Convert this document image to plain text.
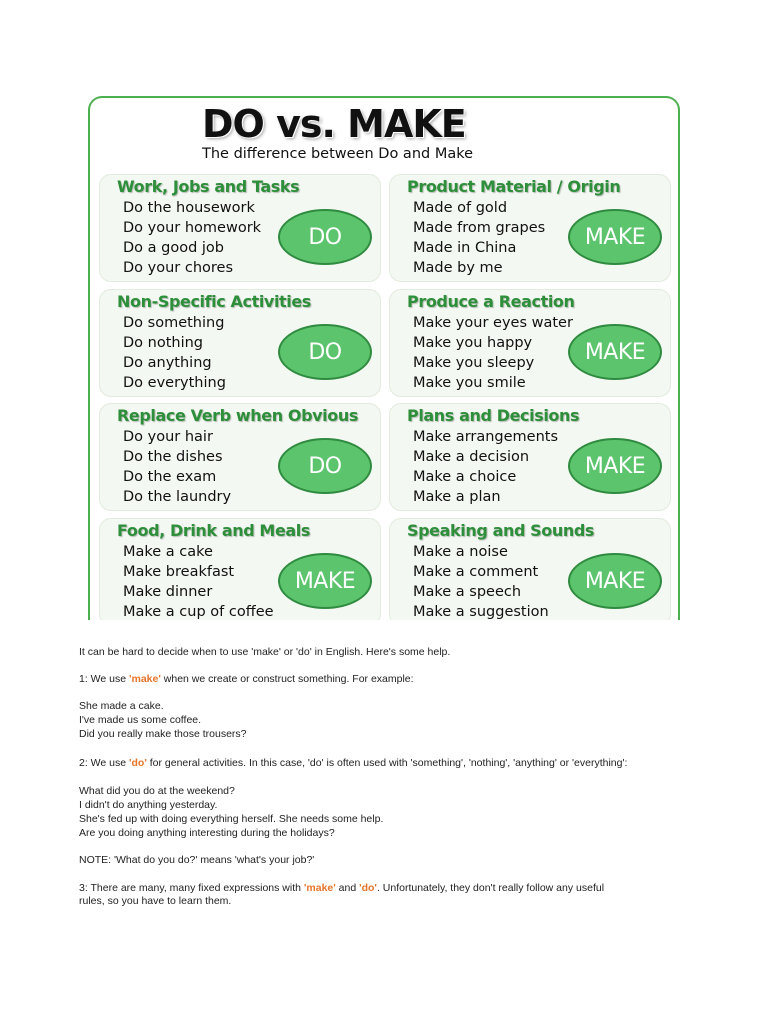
DO vs. MAKE
The difference between Do and Make
Work, Jobs and Tasks
Do the housework
Do your homework
Do a good job
Do your chores
DO
Product Material / Origin
Made of gold
Made from grapes
Made in China
Made by me
MAKE
Non-Specific Activities
Do something
Do nothing
Do anything
Do everything
DO
Produce a Reaction
Make your eyes water
Make you happy
Make you sleepy
Make you smile
MAKE
Replace Verb when Obvious
Do your hair
Do the dishes
Do the exam
Do the laundry
DO
Plans and Decisions
Make arrangements
Make a decision
Make a choice
Make a plan
MAKE
Food, Drink and Meals
Make a cake
Make breakfast
Make dinner
Make a cup of coffee
MAKE
Speaking and Sounds
Make a noise
Make a comment
Make a speech
Make a suggestion
MAKE
It can be hard to decide when to use 'make' or 'do' in English. Here's some help.
1: We use 'make' when we create or construct something. For example:
She made a cake.
I've made us some coffee.
Did you really make those trousers?
2: We use 'do' for general activities. In this case, 'do' is often used with 'something', 'nothing', 'anything' or 'everything':
What did you do at the weekend?
I didn't do anything yesterday.
She's fed up with doing everything herself. She needs some help.
Are you doing anything interesting during the holidays?
NOTE: 'What do you do?' means 'what's your job?'
3: There are many, many fixed expressions with 'make' and 'do'. Unfortunately, they don't really follow any useful
rules, so you have to learn them.
